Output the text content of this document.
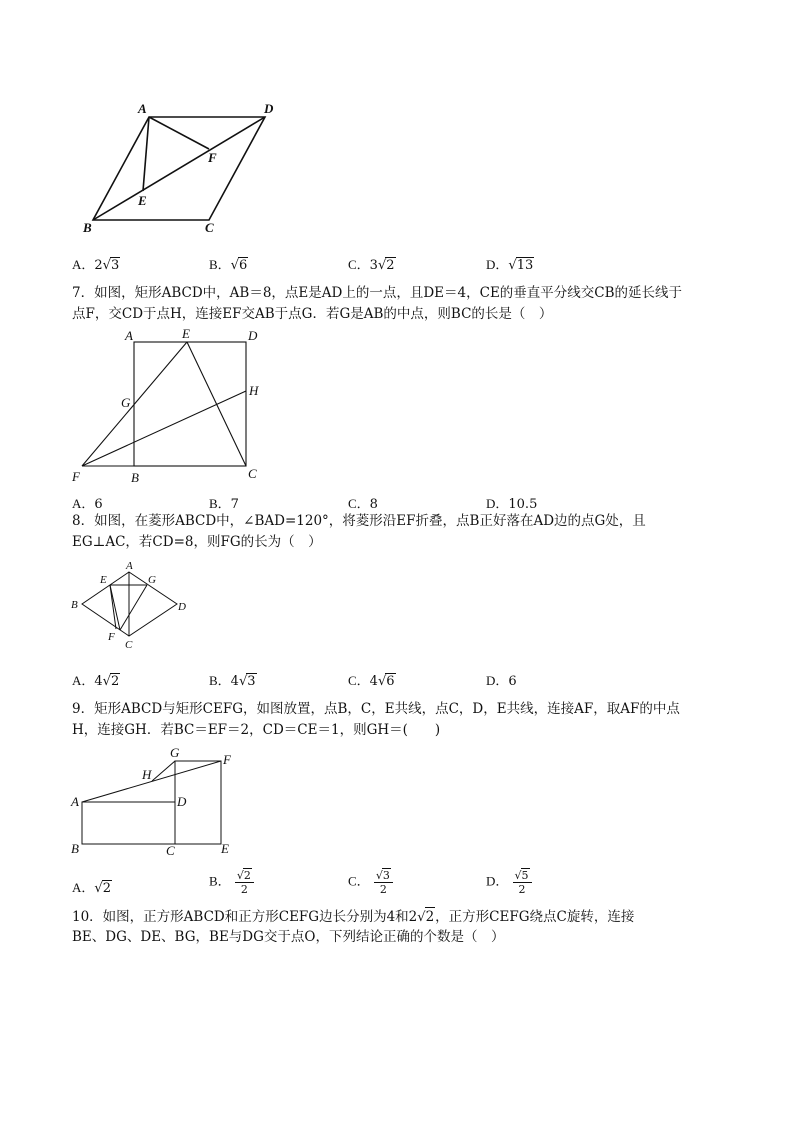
A	D
F
E
B	C
A．2√3	B．√6	C．3√2	D．√13
7．如图，矩形ABCD中，AB＝8，点E是AD上的一点，且DE＝4，CE的垂直平分线交CB的延长线于
点F，交CD于点H，连接EF交AB于点G．若G是AB的中点，则BC的长是（　）
A	E	D
G
H
F	B	C
A．6	B．7	C．8	D．10.5
8．如图，在菱形ABCD中，∠BAD=120°，将菱形沿EF折叠，点B正好落在AD边的点G处，且
EG⊥AC，若CD=8，则FG的长为（　）
A
E	G
B	D
F
C
A．4√2	B．4√3	C．4√6	D．6
9．矩形ABCD与矩形CEFG，如图放置，点B，C，E共线，点C，D，E共线，连接AF，取AF的中点
H，连接GH．若BC＝EF＝2，CD＝CE＝1，则GH＝(　　)
G	F
H
A	D
B	C	E
A．√2	B． $\frac{√2}{2}$	C． $\frac{√3}{2}$	D． $\frac{√5}{2}$
10．如图，正方形ABCD和正方形CEFG边长分别为4和2√2，正方形CEFG绕点C旋转，连接
BE、DG、DE、BG，BE与DG交于点O，下列结论正确的个数是（　）
